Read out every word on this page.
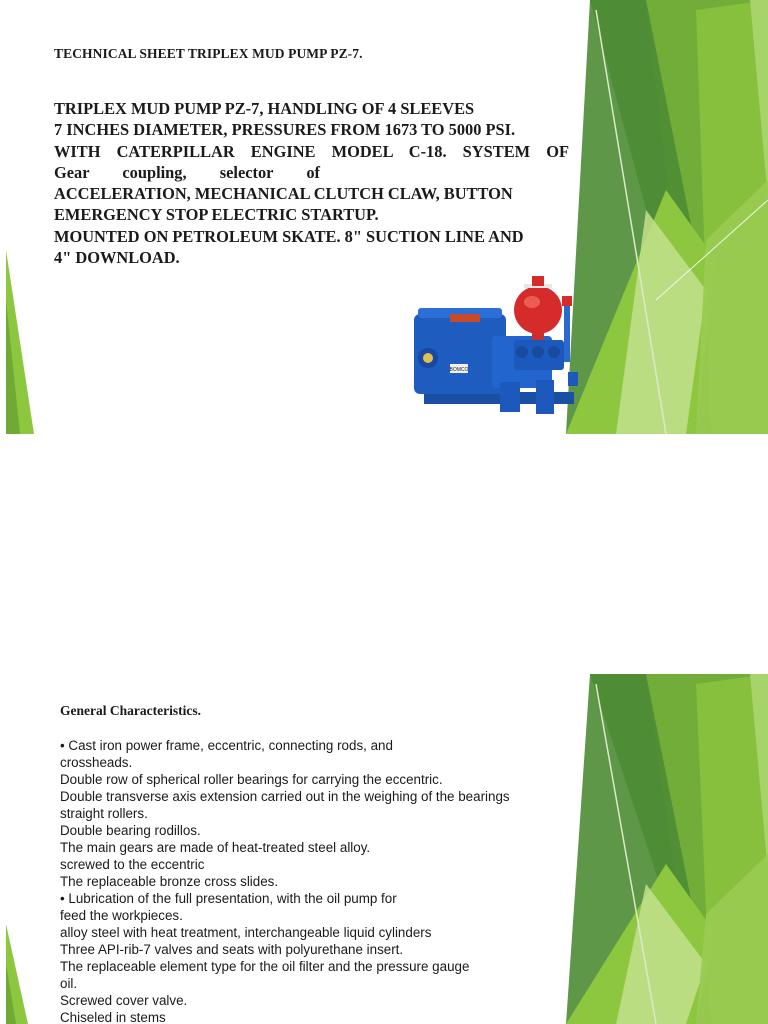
TECHNICAL SHEET TRIPLEX MUD PUMP PZ-7.
TRIPLEX MUD PUMP PZ-7, HANDLING OF 4 SLEEVES
7 INCHES DIAMETER, PRESSURES FROM 1673 TO 5000 PSI.
WITH CATERPILLAR ENGINE MODEL C-18. SYSTEM OF
Gear coupling, selector of
ACCELERATION, MECHANICAL CLUTCH CLAW, BUTTON
EMERGENCY STOP ELECTRIC STARTUP.
MOUNTED ON PETROLEUM SKATE. 8" SUCTION LINE AND
4" DOWNLOAD.
BOMCO
General Characteristics.
• Cast iron power frame, eccentric, connecting rods, and
crossheads.
Double row of spherical roller bearings for carrying the eccentric.
Double transverse axis extension carried out in the weighing of the bearings
straight rollers.
Double bearing rodillos.
The main gears are made of heat-treated steel alloy.
screwed to the eccentric
The replaceable bronze cross slides.
• Lubrication of the full presentation, with the oil pump for
feed the workpieces.
alloy steel with heat treatment, interchangeable liquid cylinders
Three API-rib-7 valves and seats with polyurethane insert.
The replaceable element type for the oil filter and the pressure gauge
oil.
Screwed cover valve.
Chiseled in stems
